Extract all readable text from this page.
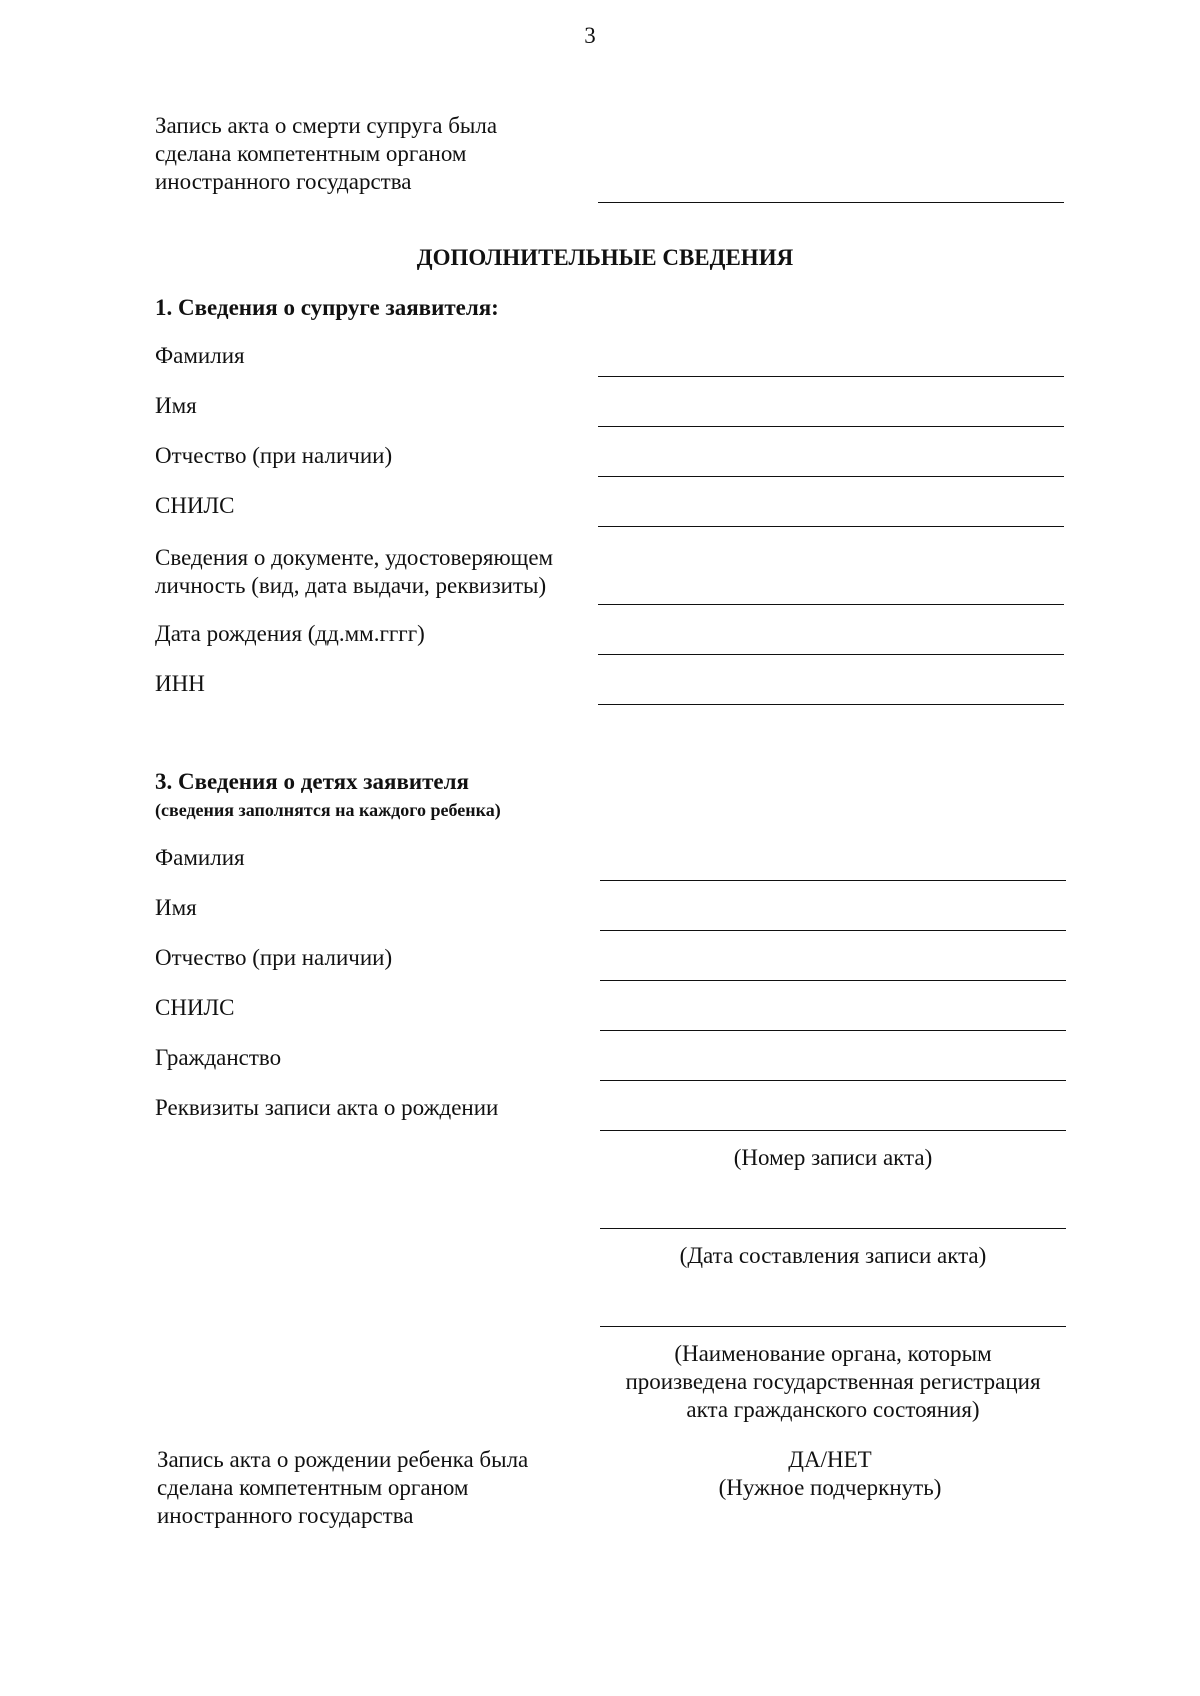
3
Запись акта о смерти супруга была
сделана компетентным органом
иностранного государства
ДОПОЛНИТЕЛЬНЫЕ СВЕДЕНИЯ
1. Сведения о супруге заявителя:
Фамилия
Имя
Отчество (при наличии)
СНИЛС
Сведения о документе, удостоверяющем
личность (вид, дата выдачи, реквизиты)
Дата рождения (дд.мм.гггг)
ИНН
3. Сведения о детях заявителя
(сведения заполнятся на каждого ребенка)
Фамилия
Имя
Отчество (при наличии)
СНИЛС
Гражданство
Реквизиты записи акта о рождении
(Номер записи акта)
(Дата составления записи акта)
(Наименование органа, которым
произведена государственная регистрация
акта гражданского состояния)
Запись акта о рождении ребенка была
сделана компетентным органом
иностранного государства
ДА/НЕТ
(Нужное подчеркнуть)
